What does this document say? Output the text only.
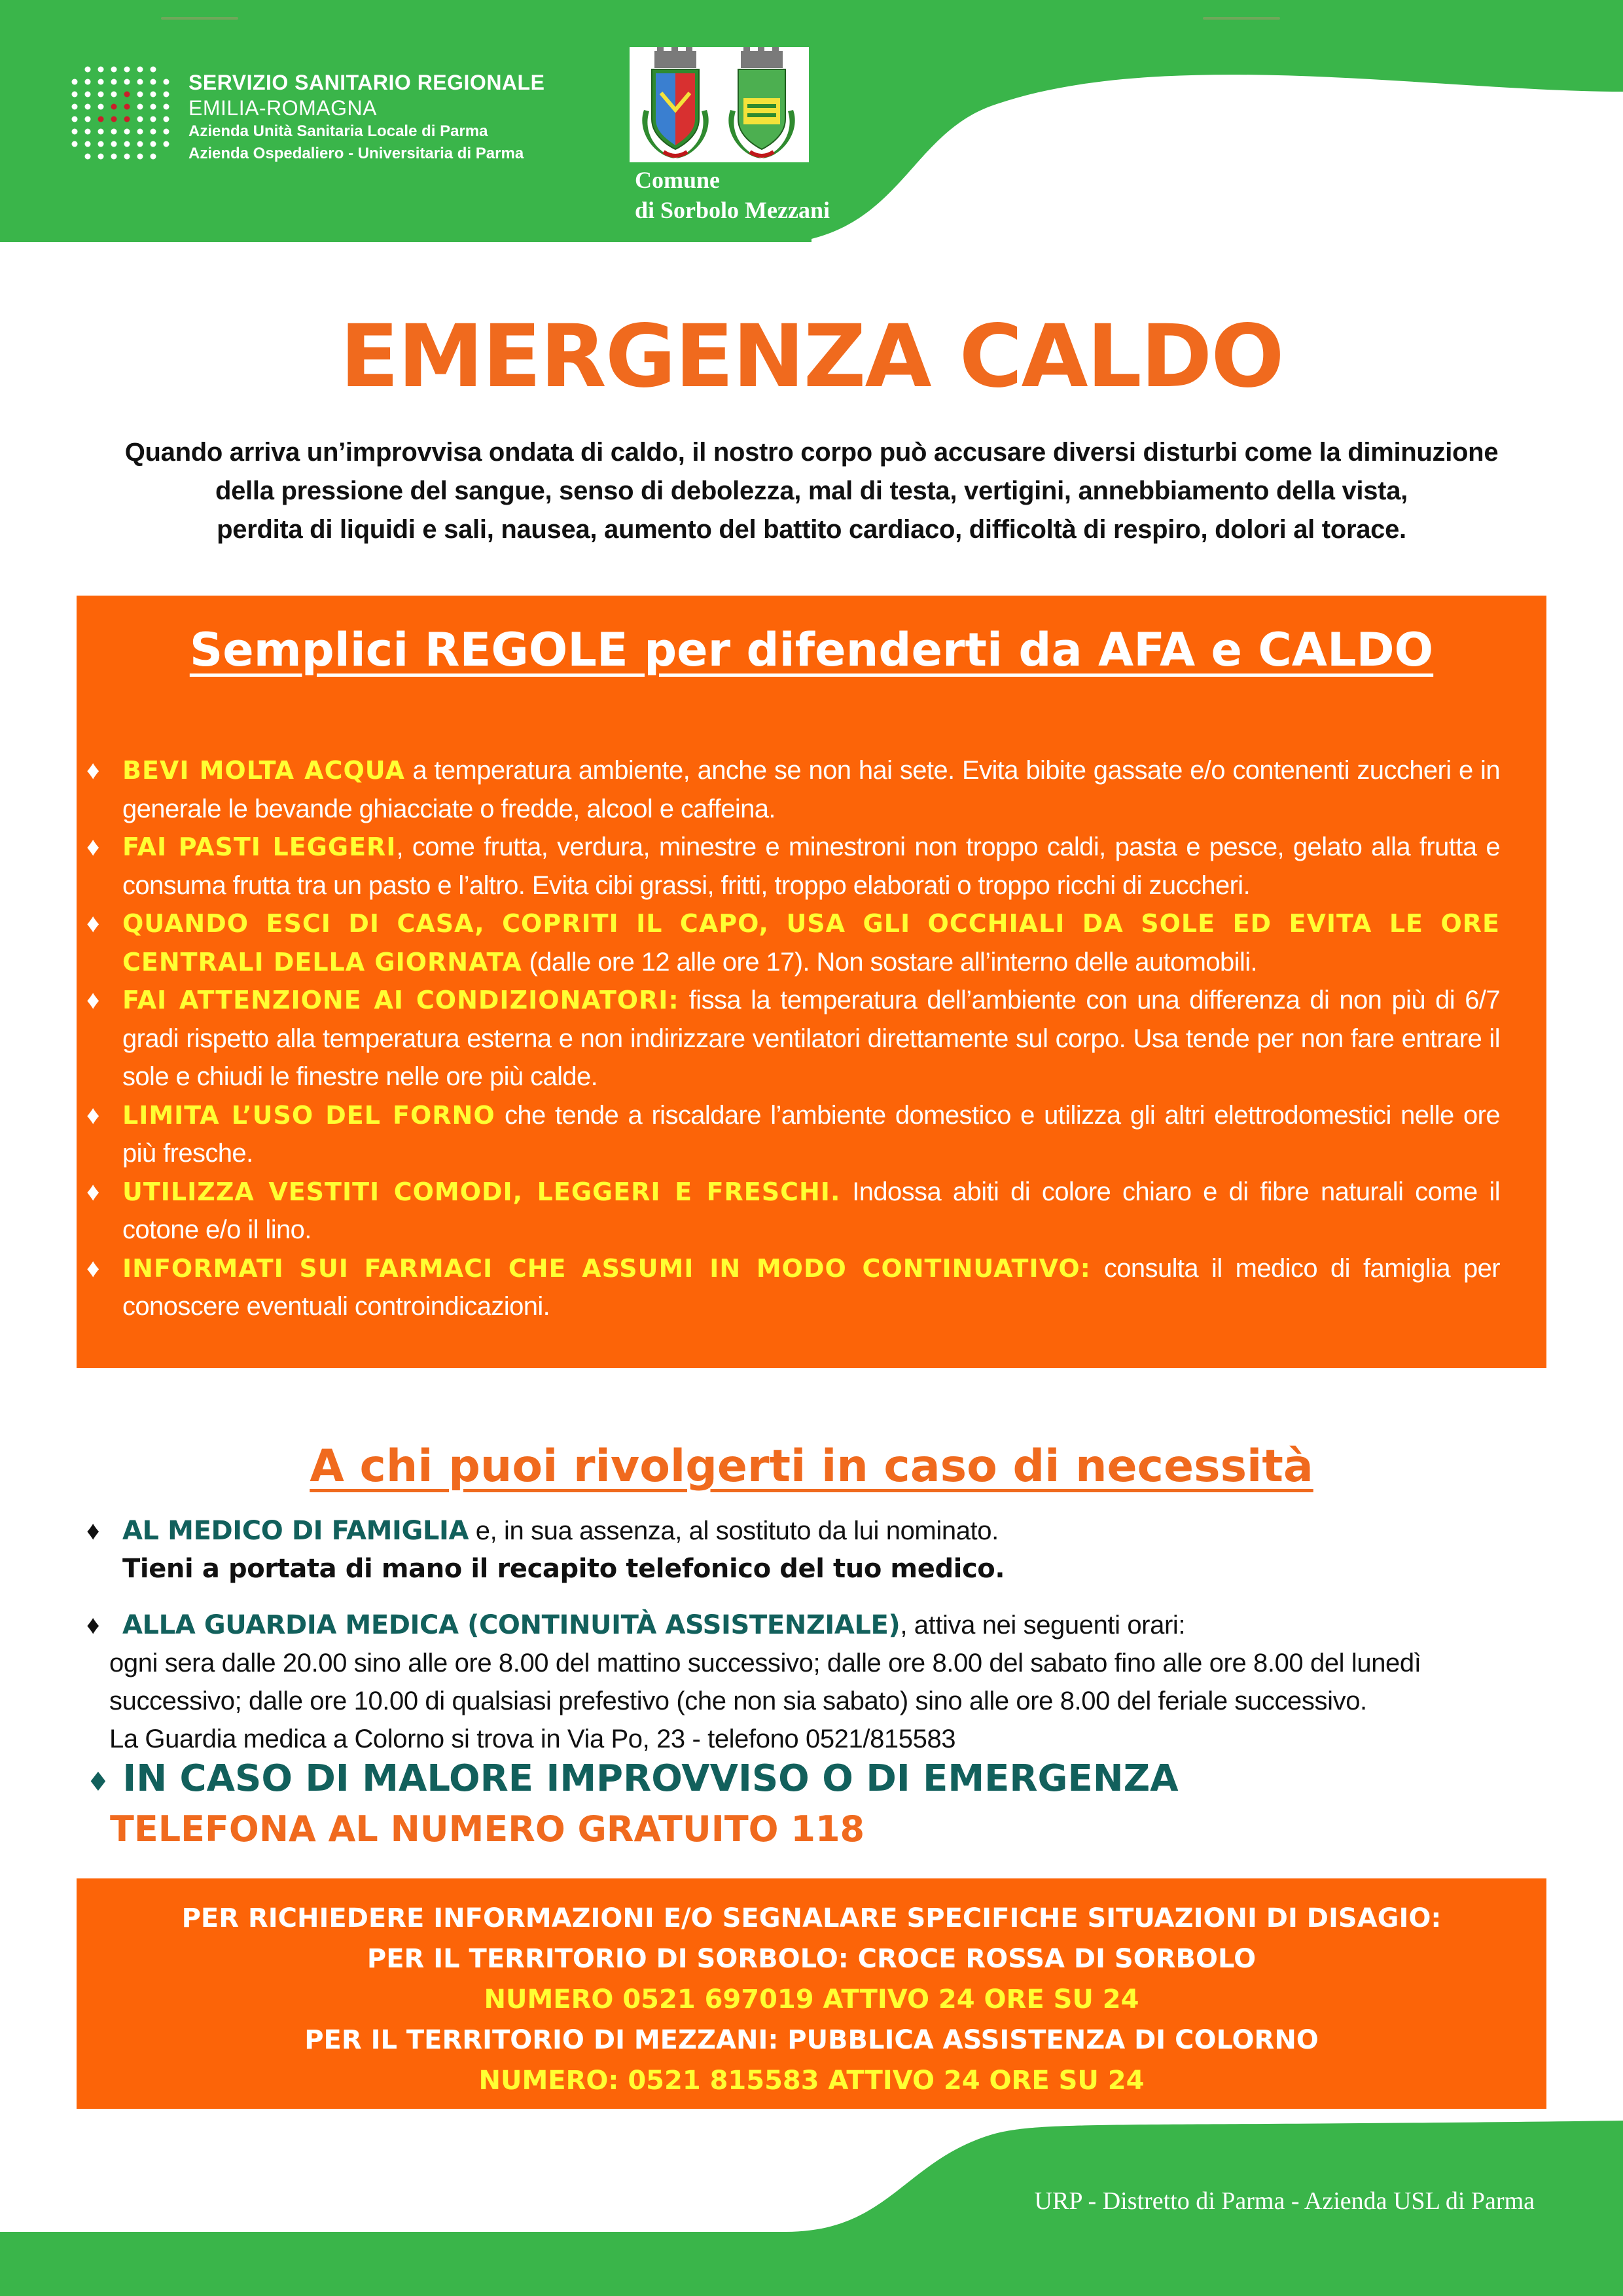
SERVIZIO SANITARIO REGIONALE
EMILIA-ROMAGNA
Azienda Unità Sanitaria Locale di Parma
Azienda Ospedaliero - Universitaria di Parma
Comune
di Sorbolo Mezzani
EMERGENZA CALDO
Quando arriva un’improvvisa ondata di caldo, il nostro corpo può accusare diversi disturbi come la diminuzione
della pressione del sangue, senso di debolezza, mal di testa, vertigini, annebbiamento della vista,
perdita di liquidi e sali, nausea, aumento del battito cardiaco, difficoltà di respiro, dolori al torace.
Semplici REGOLE per difenderti da AFA e CALDO
♦ BEVI MOLTA ACQUA a temperatura ambiente, anche se non hai sete. Evita bibite gassate e/o contenenti zuccheri e in generale le bevande ghiacciate o fredde, alcool e caffeina.
♦ FAI PASTI LEGGERI, come frutta, verdura, minestre e minestroni non troppo caldi, pasta e pesce, gelato alla frutta e consuma frutta tra un pasto e l’altro. Evita cibi grassi, fritti, troppo elaborati o troppo ricchi di zuccheri.
♦ QUANDO ESCI DI CASA, COPRITI IL CAPO, USA GLI OCCHIALI DA SOLE ED EVITA LE ORE CENTRALI DELLA GIORNATA (dalle ore 12 alle ore 17). Non sostare all’interno delle automobili.
♦ FAI ATTENZIONE AI CONDIZIONATORI: fissa la temperatura dell’ambiente con una differenza di non più di 6/7 gradi rispetto alla temperatura esterna e non indirizzare ventilatori direttamente sul corpo. Usa tende per non fare entrare il sole e chiudi le finestre nelle ore più calde.
♦ LIMITA L’USO DEL FORNO che tende a riscaldare l’ambiente domestico e utilizza gli altri elettrodomestici nelle ore più fresche.
♦ UTILIZZA VESTITI COMODI, LEGGERI E FRESCHI. Indossa abiti di colore chiaro e di fibre naturali come il cotone e/o il lino.
♦ INFORMATI SUI FARMACI CHE ASSUMI IN MODO CONTINUATIVO: consulta il medico di famiglia per conoscere eventuali controindicazioni.
A chi puoi rivolgerti in caso di necessità
♦ AL MEDICO DI FAMIGLIA e, in sua assenza, al sostituto da lui nominato.
Tieni a portata di mano il recapito telefonico del tuo medico.
♦ ALLA GUARDIA MEDICA (CONTINUITÀ ASSISTENZIALE), attiva nei seguenti orari:
ogni sera dalle 20.00 sino alle ore 8.00 del mattino successivo; dalle ore 8.00 del sabato fino alle ore 8.00 del lunedì
successivo; dalle ore 10.00 di qualsiasi prefestivo (che non sia sabato) sino alle ore 8.00 del feriale successivo.
La Guardia medica a Colorno si trova in Via Po, 23 - telefono 0521/815583
♦ IN CASO DI MALORE IMPROVVISO O DI EMERGENZA
TELEFONA AL NUMERO GRATUITO 118
PER RICHIEDERE INFORMAZIONI E/O SEGNALARE SPECIFICHE SITUAZIONI DI DISAGIO:
PER IL TERRITORIO DI SORBOLO: CROCE ROSSA DI SORBOLO
NUMERO 0521 697019 ATTIVO 24 ORE SU 24
PER IL TERRITORIO DI MEZZANI: PUBBLICA ASSISTENZA DI COLORNO
NUMERO: 0521 815583 ATTIVO 24 ORE SU 24
URP - Distretto di Parma - Azienda USL di Parma
